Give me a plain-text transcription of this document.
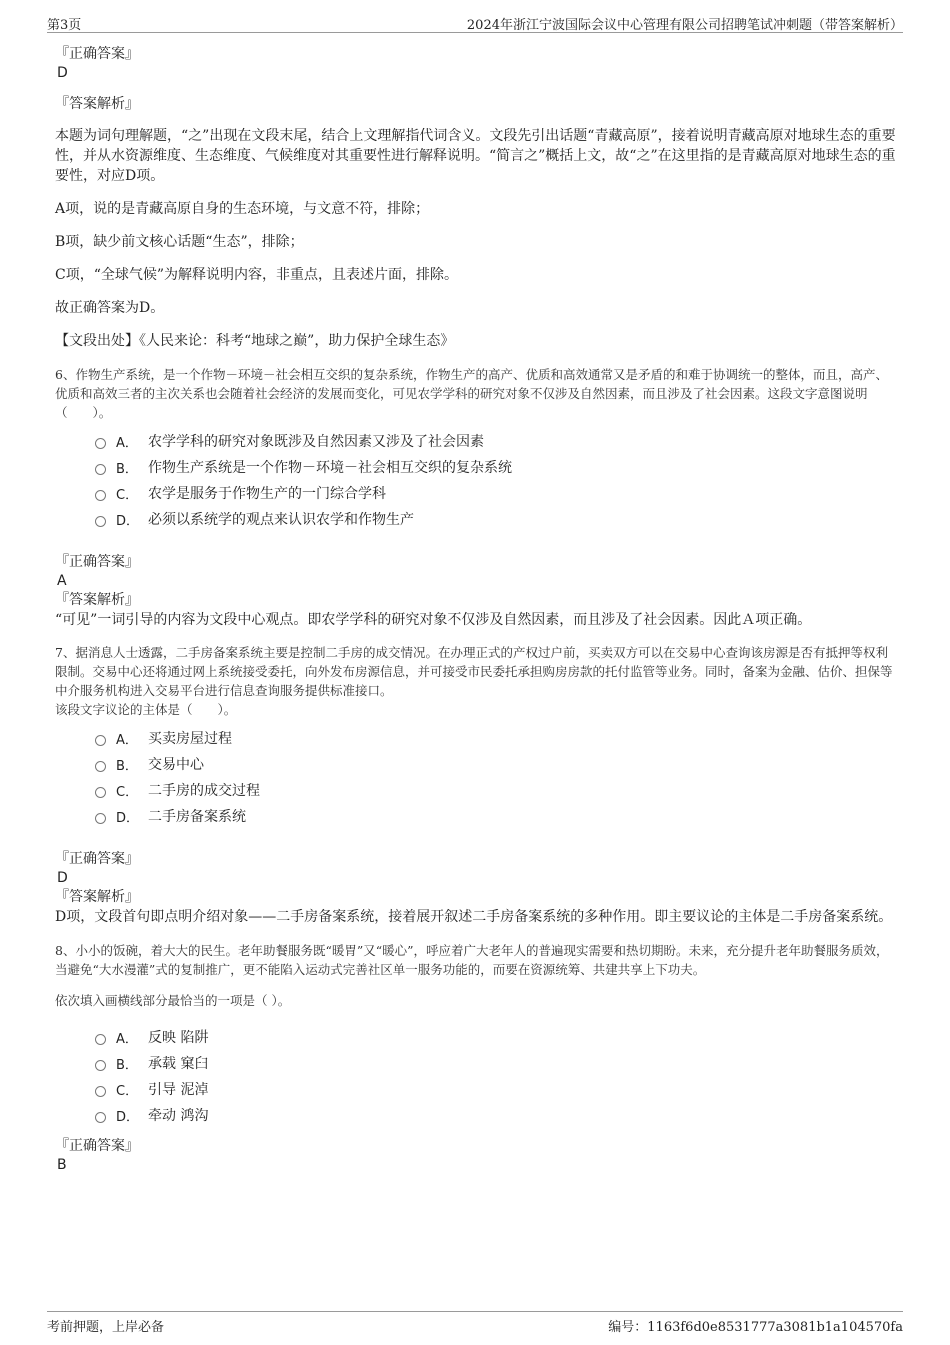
第3页	2024年浙江宁波国际会议中心管理有限公司招聘笔试冲刺题（带答案解析）

『正确答案』

D

『答案解析』

本题为词句理解题，“之”出现在文段末尾，结合上文理解指代词含义。文段先引出话题“青藏高原”，接着说明青藏高原对地球生态的重要性，并从水资源维度、生态维度、气候维度对其重要性进行解释说明。“简言之”概括上文，故“之”在这里指的是青藏高原对地球生态的重要性，对应D项。

A项，说的是青藏高原自身的生态环境，与文意不符，排除；

B项，缺少前文核心话题“生态”，排除；

C项，“全球气候”为解释说明内容，非重点，且表述片面，排除。

故正确答案为D。

【文段出处】《人民来论：科考“地球之巅”，助力保护全球生态》

6、作物生产系统，是一个作物－环境－社会相互交织的复杂系统，作物生产的高产、优质和高效通常又是矛盾的和难于协调统一的整体，而且，高产、优质和高效三者的主次关系也会随着社会经济的发展而变化，可见农学学科的研究对象不仅涉及自然因素，而且涉及了社会因素。这段文字意图说明（　　）。

A． 农学学科的研究对象既涉及自然因素又涉及了社会因素
B． 作物生产系统是一个作物－环境－社会相互交织的复杂系统
C． 农学是服务于作物生产的一门综合学科
D． 必须以系统学的观点来认识农学和作物生产

『正确答案』

A

『答案解析』

“可见”一词引导的内容为文段中心观点。即农学学科的研究对象不仅涉及自然因素，而且涉及了社会因素。因此Ａ项正确。

7、据消息人士透露，二手房备案系统主要是控制二手房的成交情况。在办理正式的产权过户前，买卖双方可以在交易中心查询该房源是否有抵押等权利限制。交易中心还将通过网上系统接受委托，向外发布房源信息，并可接受市民委托承担购房房款的托付监管等业务。同时，备案为金融、估价、担保等中介服务机构进入交易平台进行信息查询服务提供标准接口。

该段文字议论的主体是（　　）。

A． 买卖房屋过程
B． 交易中心
C． 二手房的成交过程
D． 二手房备案系统

『正确答案』

D

『答案解析』

D项，文段首句即点明介绍对象——二手房备案系统，接着展开叙述二手房备案系统的多种作用。即主要议论的主体是二手房备案系统。

8、小小的饭碗，着大大的民生。老年助餐服务既“暖胃”又“暖心”，呼应着广大老年人的普遍现实需要和热切期盼。未来，充分提升老年助餐服务质效，当避免“大水漫灌”式的复制推广，更不能陷入运动式完善社区单一服务功能的，而要在资源统筹、共建共享上下功夫。

依次填入画横线部分最恰当的一项是（ ）。

A． 反映 陷阱
B． 承载 窠臼
C． 引导 泥淖
D． 牵动 鸿沟

『正确答案』

B

考前押题，上岸必备	编号：1163f6d0e8531777a3081b1a104570fa
